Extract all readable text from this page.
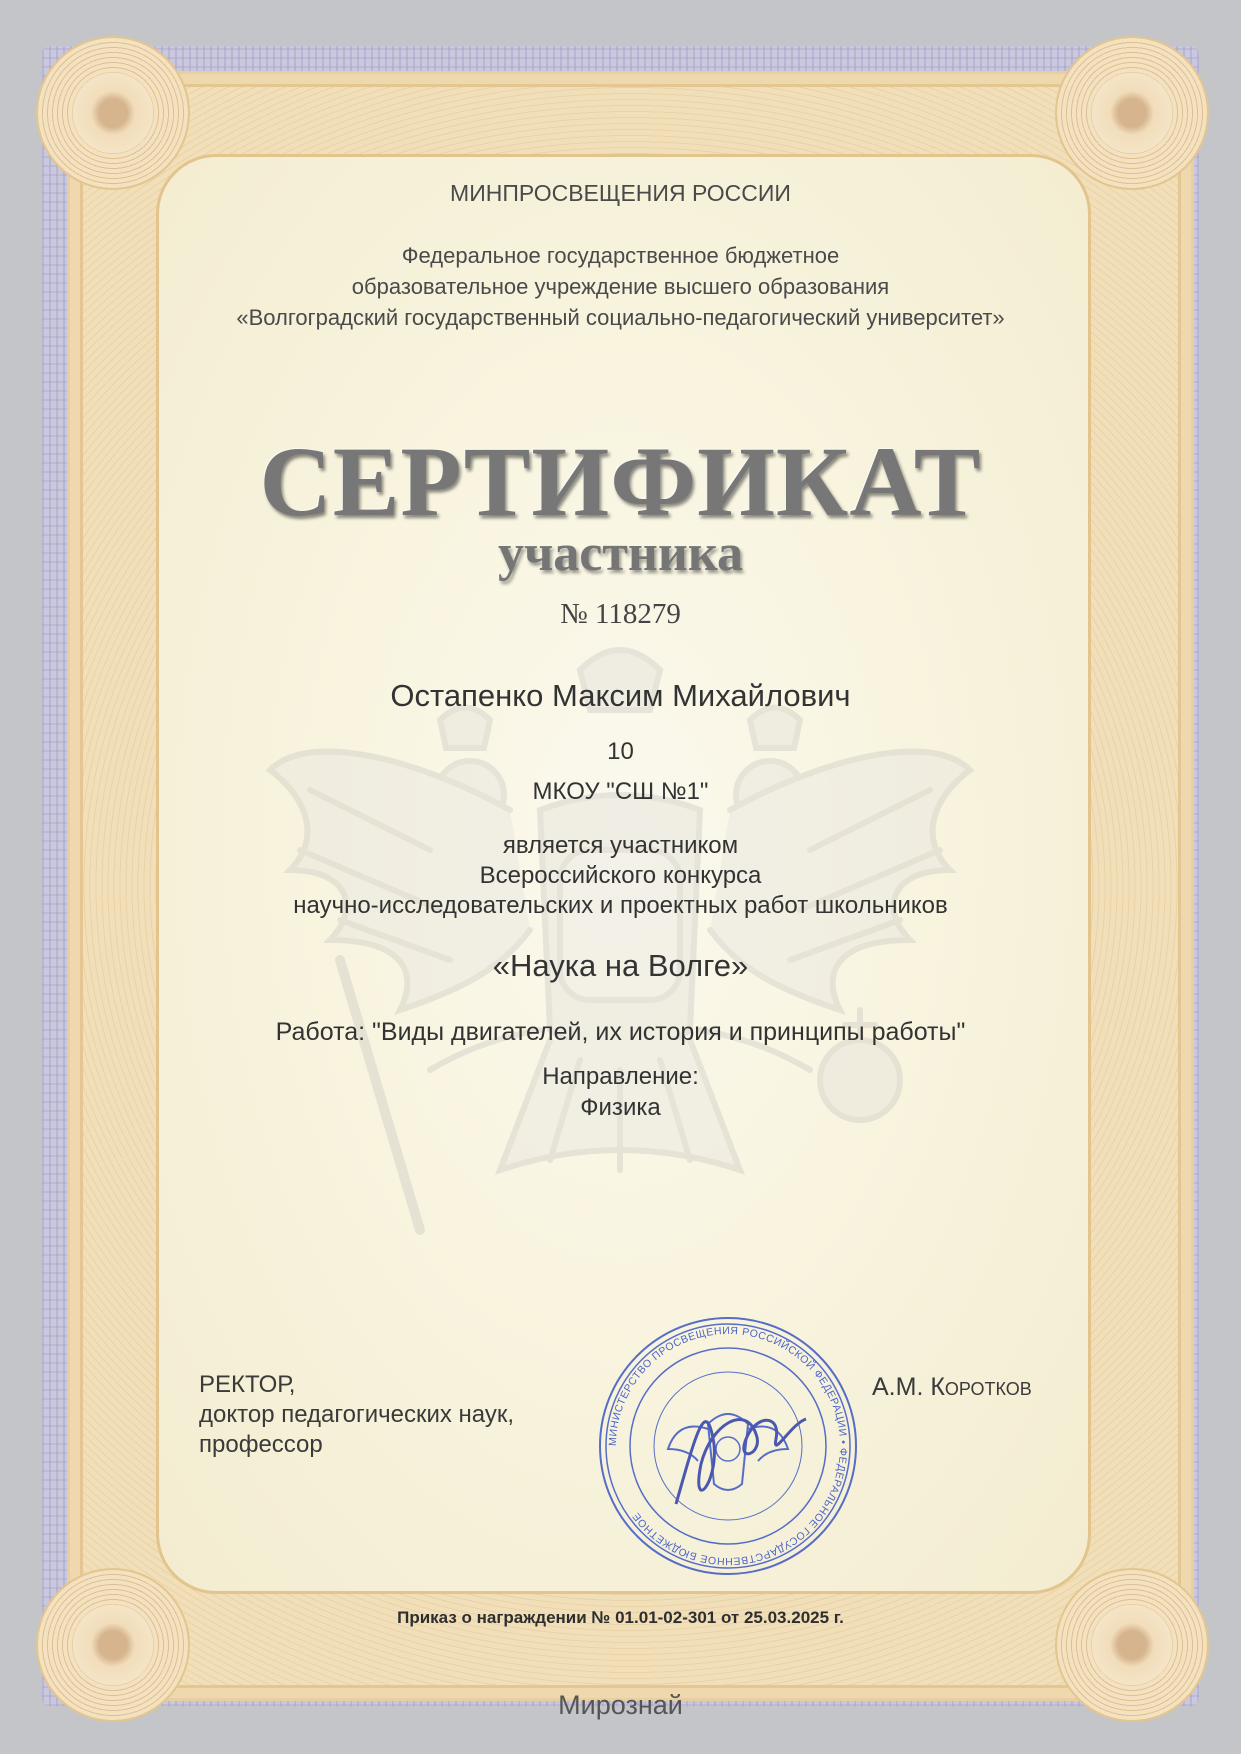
МИНПРОСВЕЩЕНИЯ РОССИИ
Федеральное государственное бюджетное
образовательное учреждение высшего образования
«Волгоградский государственный социально-педагогический университет»
СЕРТИФИКАТ
участника
№ 118279
Остапенко Максим Михайлович
10
МКОУ "СШ №1"
является участником
Всероссийского конкурса
научно-исследовательских и проектных работ школьников
«Наука на Волге»
Работа: "Виды двигателей, их история и принципы работы"
Направление:
Физика
РЕКТОР,
доктор педагогических наук,
профессор	МИНИСТЕРСТВО ПРОСВЕЩЕНИЯ РОССИЙСКОЙ ФЕДЕРАЦИИ • ФЕДЕРАЛЬНОЕ ГОСУДАРСТВЕННОЕ БЮДЖЕТНОЕ
А.М. Коротков
Приказ о награждении № 01.01-02-301 от 25.03.2025 г.
Мирознай
